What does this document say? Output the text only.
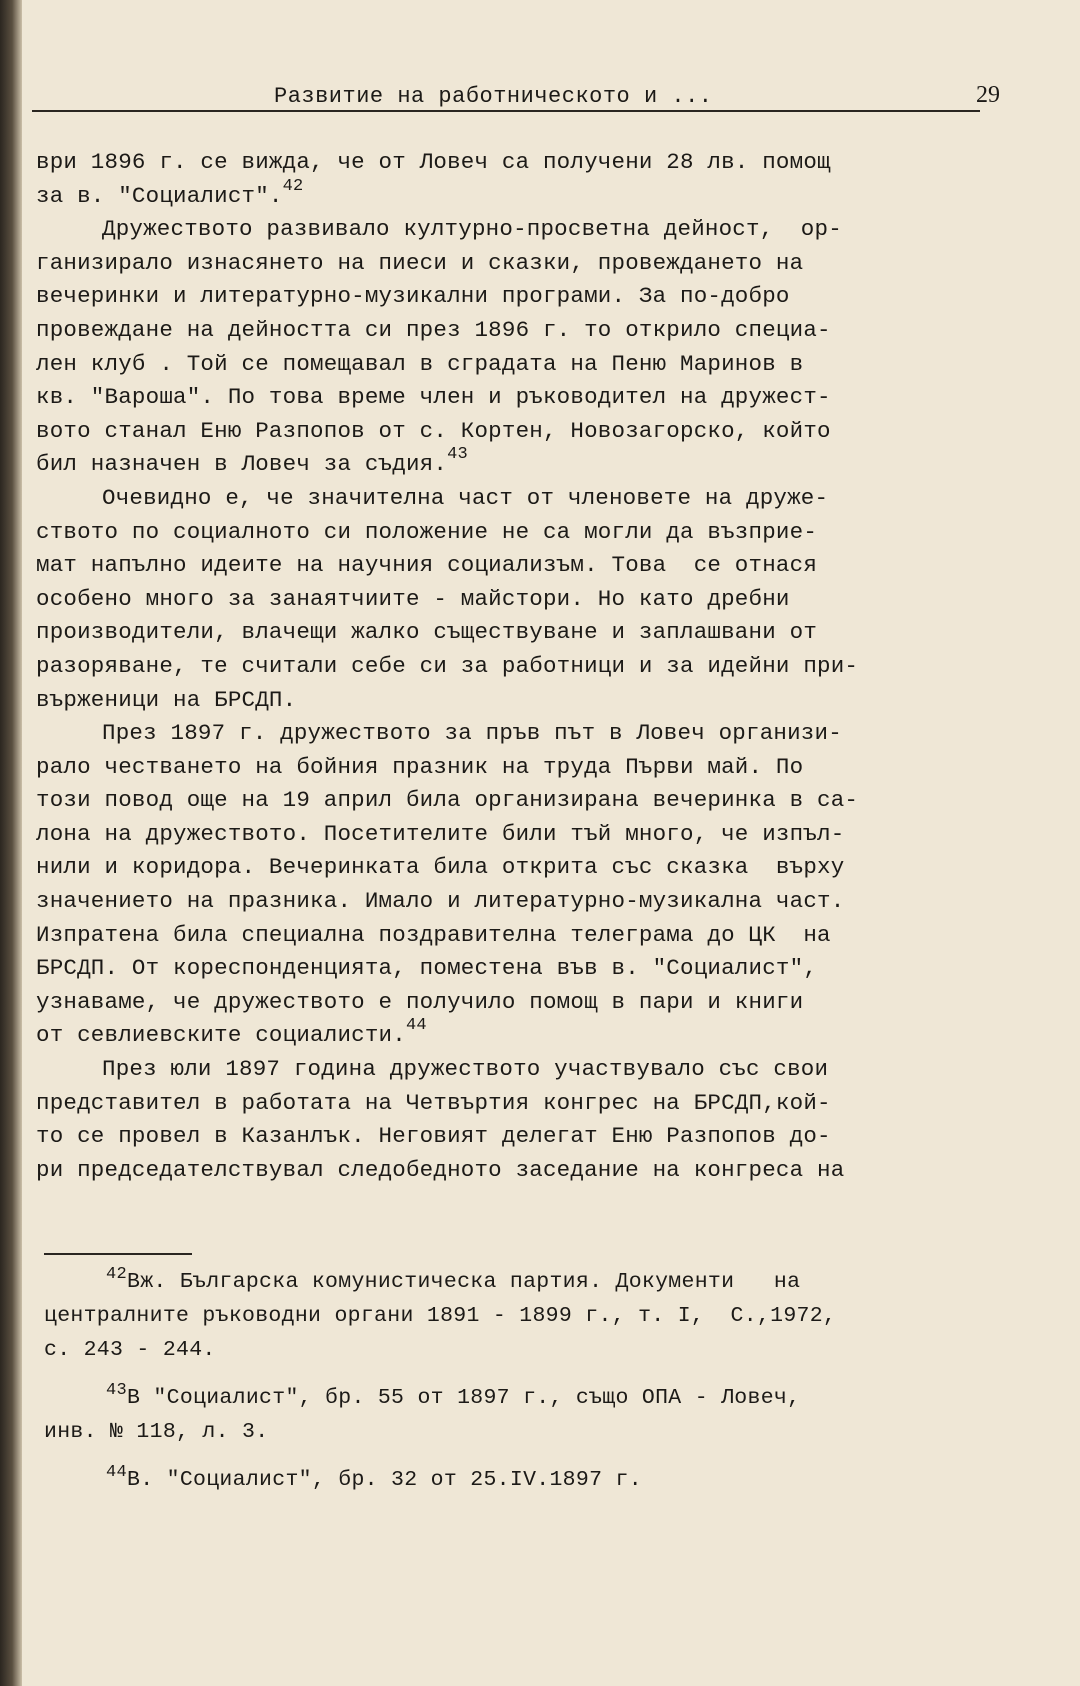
Развитие на работническото и ...	29
ври 1896 г. се вижда, че от Ловеч са получени 28 лв. помощ
за в. "Социалист".$^{42}$
Дружеството развивало културно-просветна дейност,  ор-
ганизирало изнасянето на пиеси и сказки, провеждането на
вечеринки и литературно-музикални програми. За по-добро
провеждане на дейността си през 1896 г. то открило специа-
лен клуб . Той се помещавал в сградата на Пеню Маринов в
кв. "Вароша". По това време член и ръководител на дружест-
вото станал Еню Разпопов от с. Кортен, Новозагорско, който
бил назначен в Ловеч за съдия.$^{43}$
Очевидно е, че значителна част от членовете на друже-
ството по социалното си положение не са могли да възприе-
мат напълно идеите на научния социализъм. Това  се отнася
особено много за занаятчиите - майстори. Но като дребни
производители, влачещи жалко съществуване и заплашвани от
разоряване, те считали себе си за работници и за идейни при-
върженици на БРСДП.
През 1897 г. дружеството за пръв път в Ловеч организи-
рало честването на бойния празник на труда Първи май. По
този повод още на 19 април била организирана вечеринка в са-
лона на дружеството. Посетителите били тъй много, че изпъл-
нили и коридора. Вечеринката била открита със сказка  върху
значението на празника. Имало и литературно-музикална част.
Изпратена била специална поздравителна телеграма до ЦК  на
БРСДП. От кореспонденцията, поместена във в. "Социалист",
узнаваме, че дружеството е получило помощ в пари и книги
от севлиевските социалисти.$^{44}$
През юли 1897 година дружеството участвувало със свои
представител в работата на Четвъртия конгрес на БРСДП,кой-
то се провел в Казанлък. Неговият делегат Еню Разпопов до-
ри председателствувал следобедното заседание на конгреса на
$^{42}$Вж. Българска комунистическа партия. Документи   на
централните ръководни органи 1891 - 1899 г., т. I,  С.,1972,
с. 243 - 244.
$^{43}$В "Социалист", бр. 55 от 1897 г., също ОПА - Ловеч,
инв. № 118, л. 3.
$^{44}$В. "Социалист", бр. 32 от 25.IV.1897 г.
